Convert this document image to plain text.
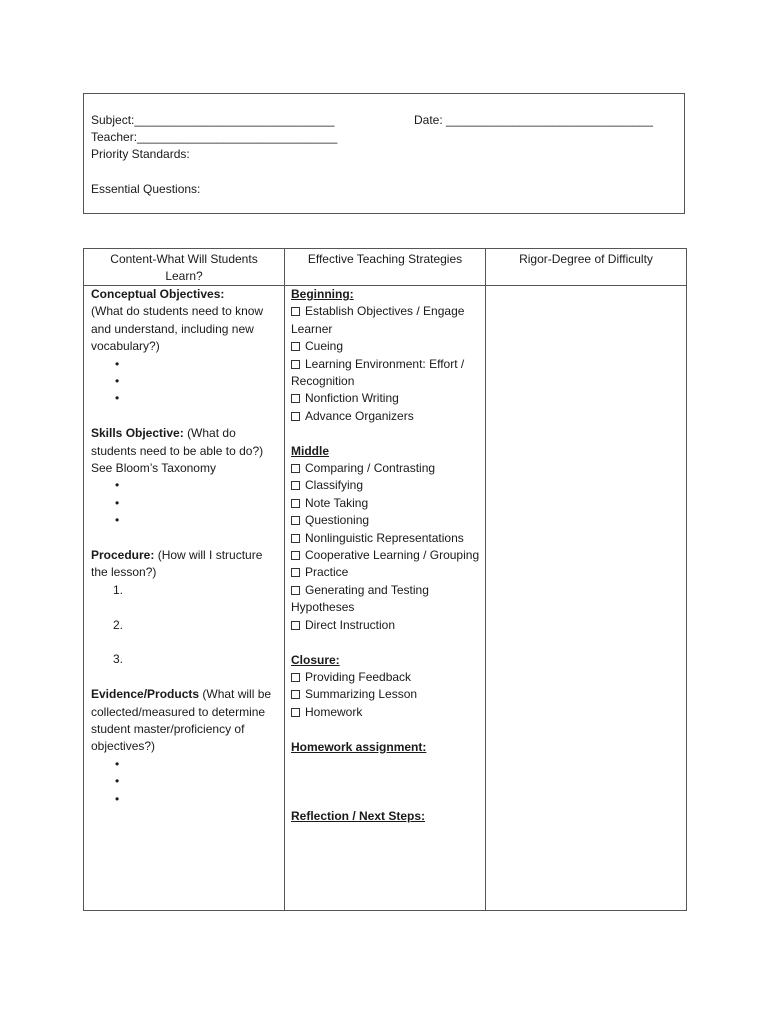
Subject:______________________________	Date: _______________________________
Teacher:______________________________
Priority Standards:
Essential Questions:
Content-What Will Students Learn?
Effective Teaching Strategies	Rigor-Degree of Difficulty

Conceptual Objectives:

(What do students need to know and understand, including new vocabulary?)

•

•

•

Skills Objective: (What do students need to be able to do?) See Bloom’s Taxonomy

•

•

•

Procedure: (How will I structure the lesson?)

1.

2.

3.

Evidence/Products (What will be collected/measured to determine student master/proficiency of objectives?)

•

•

•

Beginning:

Establish Objectives / Engage Learner

Cueing

Learning Environment: Effort / Recognition

Nonfiction Writing

Advance Organizers

Middle

Comparing / Contrasting

Classifying

Note Taking

Questioning

Nonlinguistic Representations

Cooperative Learning / Grouping

Practice

Generating and Testing Hypotheses

Direct Instruction

Closure:

Providing Feedback

Summarizing Lesson

Homework

Homework assignment:

Reflection / Next Steps:
